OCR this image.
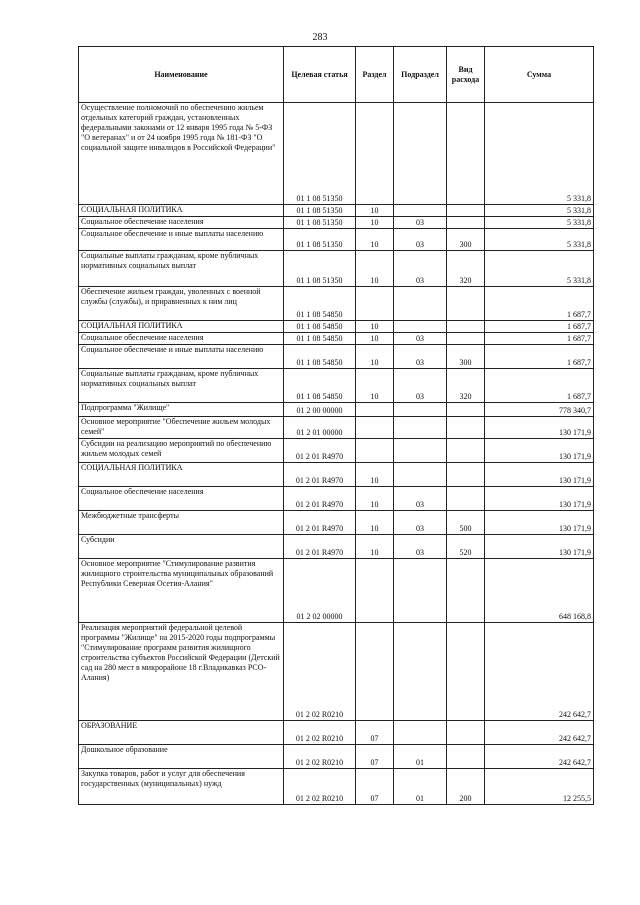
283
Наименование	Целевая статья	Раздел	Подраздел	Вид расхода	Сумма
Осуществление полномочий по обеспечению жильем отдельных категорий граждан, установленных федеральными законами от 12 января 1995 года № 5-ФЗ "О ветеранах" и от 24 ноября 1995 года № 181-ФЗ "О социальной защите инвалидов в Российской Федерации"	01 1 08 51350				5 331,8
СОЦИАЛЬНАЯ ПОЛИТИКА	01 1 08 51350	10			5 331,8
Социальное обеспечение населения	01 1 08 51350	10	03		5 331,8
Социальное обеспечение и иные выплаты населению	01 1 08 51350	10	03	300	5 331,8
Социальные выплаты гражданам, кроме публичных нормативных социальных выплат	01 1 08 51350	10	03	320	5 331,8
Обеспечение жильем граждан, уволенных с военной службы (службы), и приравненных к ним лиц	01 1 08 54850				1 687,7
СОЦИАЛЬНАЯ ПОЛИТИКА	01 1 08 54850	10			1 687,7
Социальное обеспечение населения	01 1 08 54850	10	03		1 687,7
Социальное обеспечение и иные выплаты населению	01 1 08 54850	10	03	300	1 687,7
Социальные выплаты гражданам, кроме публичных нормативных социальных выплат	01 1 08 54850	10	03	320	1 687,7
Подпрограмма "Жилище"	01 2 00 00000				778 340,7
Основное мероприятие "Обеспечение жильем молодых семей"	01 2 01 00000				130 171,9
Субсидии на реализацию мероприятий по обеспечению жильем молодых семей	01 2 01 R4970				130 171,9
СОЦИАЛЬНАЯ ПОЛИТИКА	01 2 01 R4970	10			130 171,9
Социальное обеспечение населения	01 2 01 R4970	10	03		130 171,9
Межбюджетные трансферты	01 2 01 R4970	10	03	500	130 171,9
Субсидии	01 2 01 R4970	10	03	520	130 171,9
Основное мероприятие "Стимулирование развития жилищного строительства муниципальных образований Республики Северная Осетия-Алания"	01 2 02 00000				648 168,8
Реализация мероприятий федеральной целевой программы "Жилище" на 2015-2020 годы подпрограммы "Стимулирование программ развития жилищного строительства субъектов Российской Федерации (Детский сад на 280 мест в микрорайоне 18 г.Владикавказ РСО-Алания)	01 2 02 R0210				242 642,7
ОБРАЗОВАНИЕ	01 2 02 R0210	07			242 642,7
Дошкольное образование	01 2 02 R0210	07	01		242 642,7
Закупка товаров, работ и услуг для обеспечения государственных (муниципальных) нужд	01 2 02 R0210	07	01	200	12 255,5
